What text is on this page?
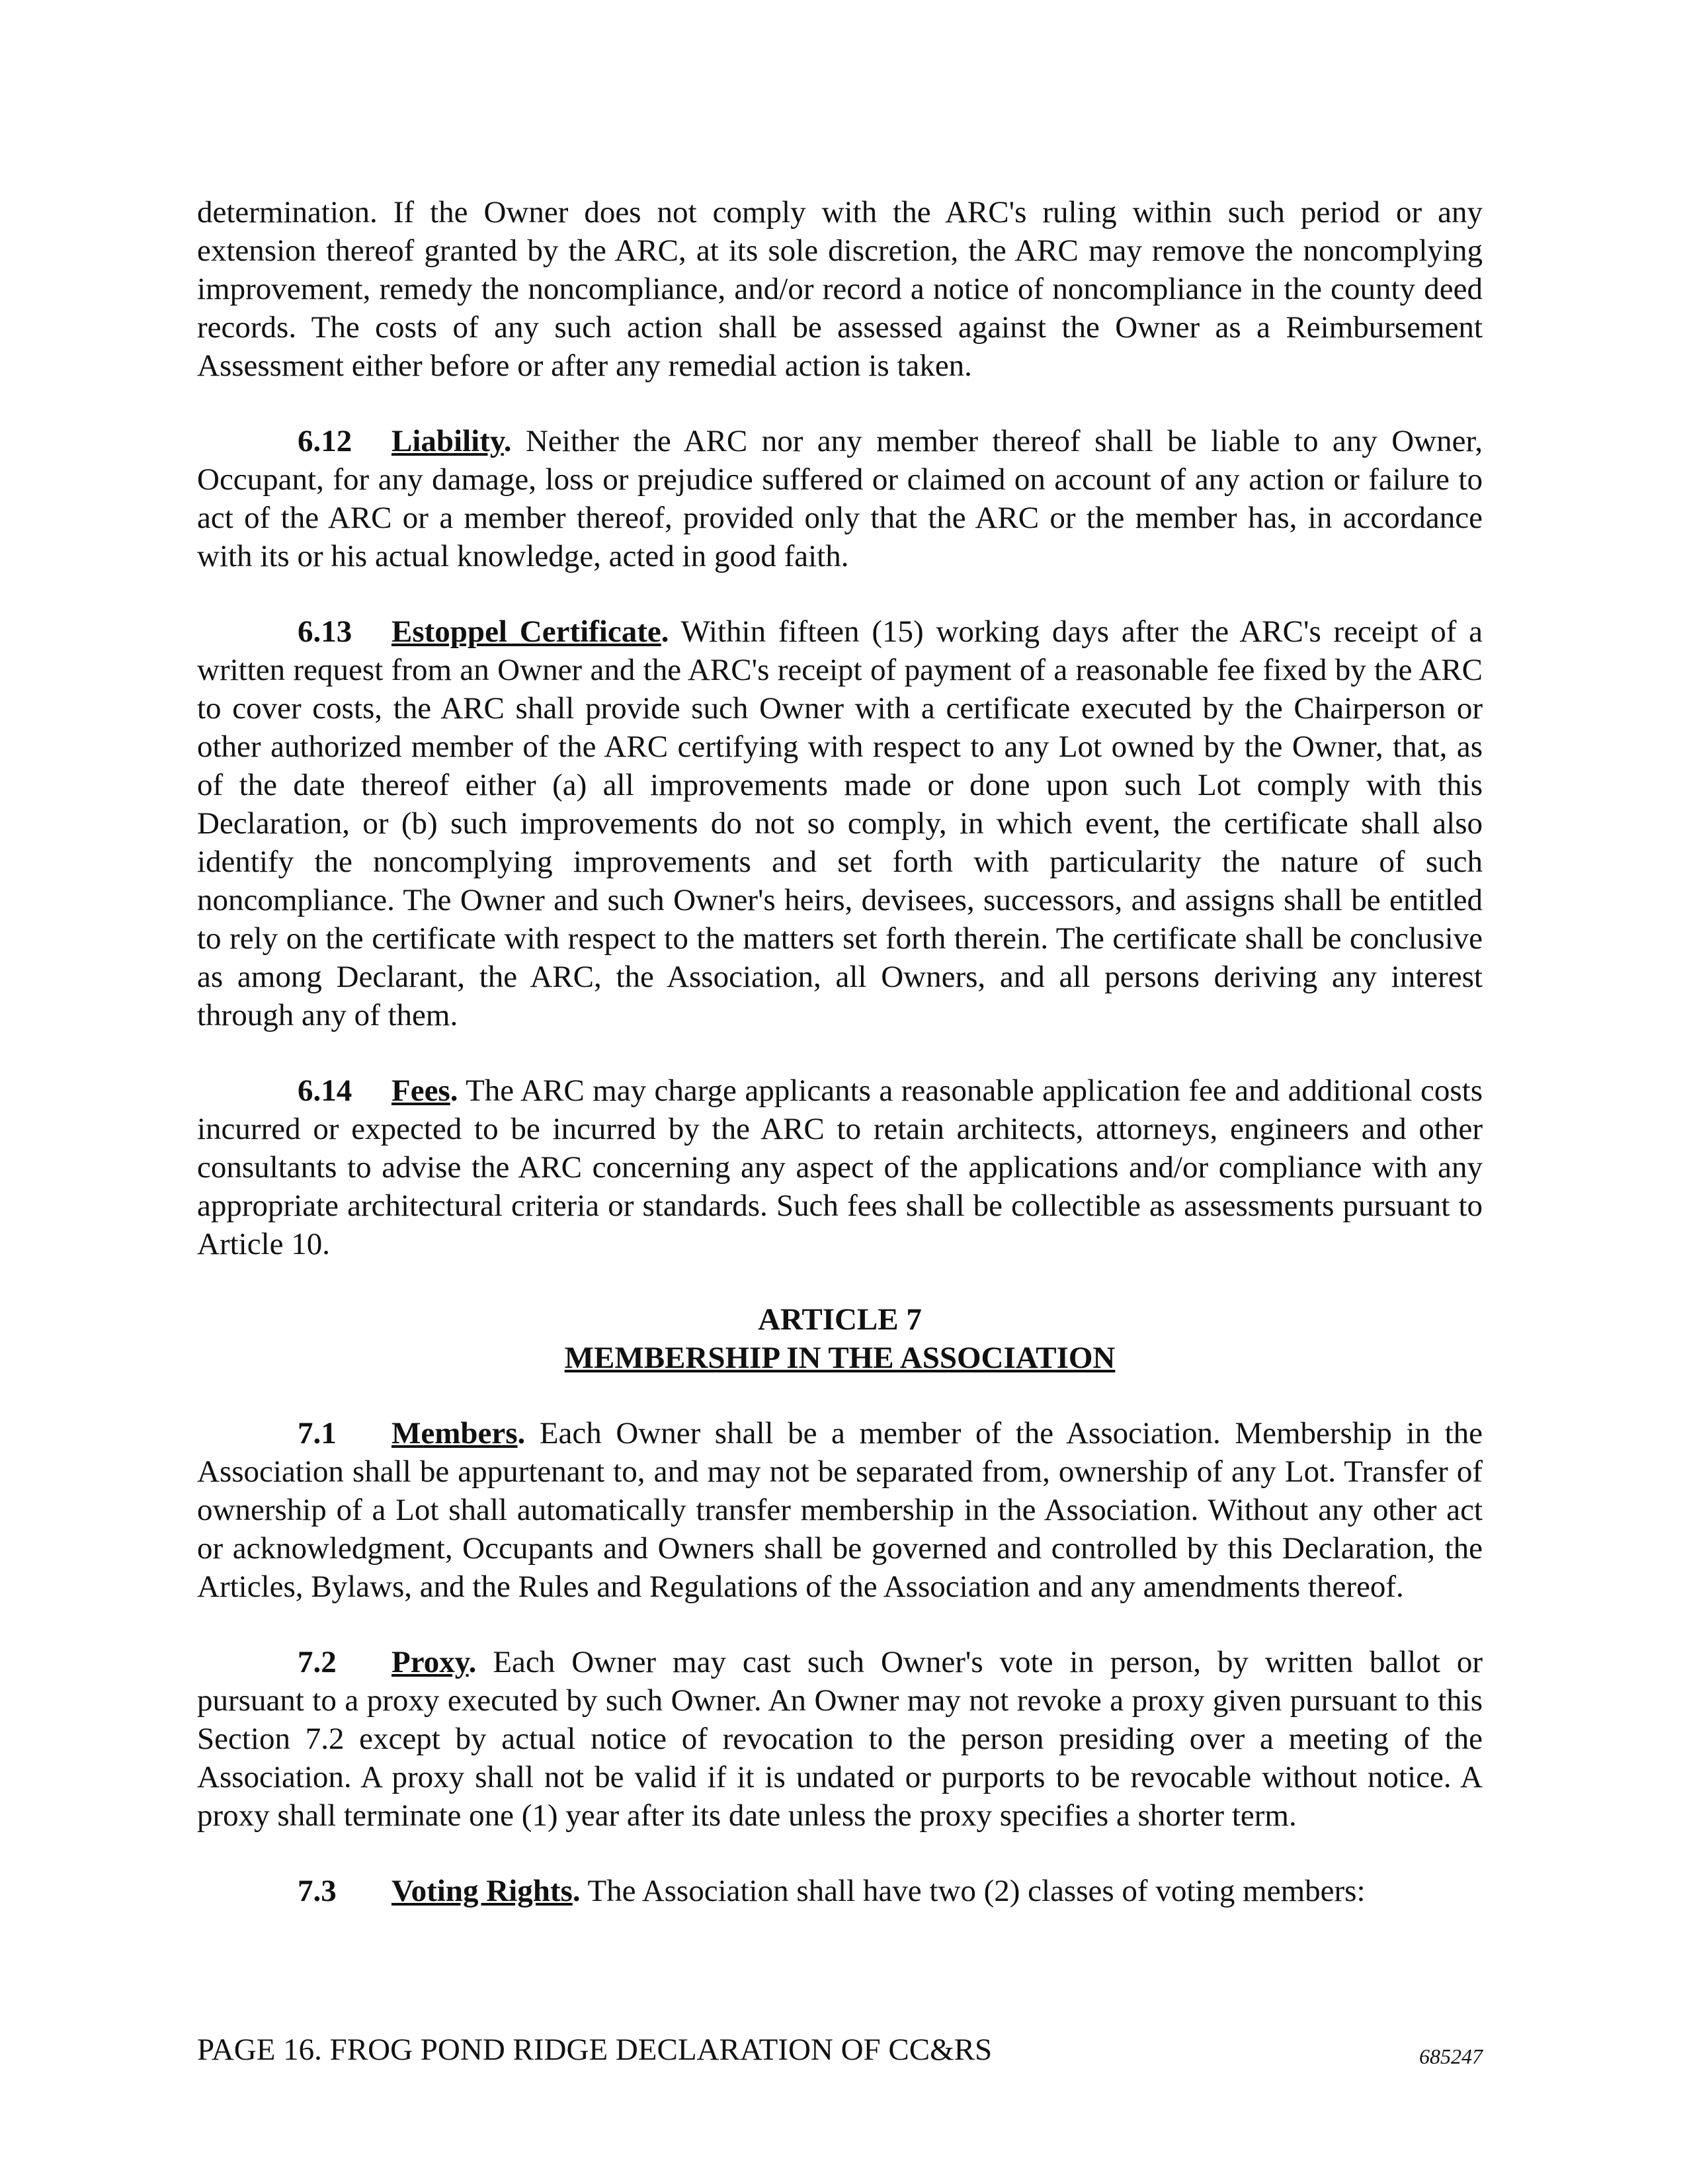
determination. If the Owner does not comply with the ARC's ruling within such period or any extension thereof granted by the ARC, at its sole discretion, the ARC may remove the noncomplying improvement, remedy the noncompliance, and/or record a notice of noncompliance in the county deed records. The costs of any such action shall be assessed against the Owner as a Reimbursement Assessment either before or after any remedial action is taken.

6.12 Liability. Neither the ARC nor any member thereof shall be liable to any Owner, Occupant, for any damage, loss or prejudice suffered or claimed on account of any action or failure to act of the ARC or a member thereof, provided only that the ARC or the member has, in accordance with its or his actual knowledge, acted in good faith.

6.13 Estoppel Certificate. Within fifteen (15) working days after the ARC's receipt of a written request from an Owner and the ARC's receipt of payment of a reasonable fee fixed by the ARC to cover costs, the ARC shall provide such Owner with a certificate executed by the Chairperson or other authorized member of the ARC certifying with respect to any Lot owned by the Owner, that, as of the date thereof either (a) all improvements made or done upon such Lot comply with this Declaration, or (b) such improvements do not so comply, in which event, the certificate shall also identify the noncomplying improvements and set forth with particularity the nature of such noncompliance. The Owner and such Owner's heirs, devisees, successors, and assigns shall be entitled to rely on the certificate with respect to the matters set forth therein. The certificate shall be conclusive as among Declarant, the ARC, the Association, all Owners, and all persons deriving any interest through any of them.

6.14 Fees. The ARC may charge applicants a reasonable application fee and additional costs incurred or expected to be incurred by the ARC to retain architects, attorneys, engineers and other consultants to advise the ARC concerning any aspect of the applications and/or compliance with any appropriate architectural criteria or standards. Such fees shall be collectible as assessments pursuant to Article 10.

ARTICLE 7
MEMBERSHIP IN THE ASSOCIATION

7.1 Members. Each Owner shall be a member of the Association. Membership in the Association shall be appurtenant to, and may not be separated from, ownership of any Lot. Transfer of ownership of a Lot shall automatically transfer membership in the Association. Without any other act or acknowledgment, Occupants and Owners shall be governed and controlled by this Declaration, the Articles, Bylaws, and the Rules and Regulations of the Association and any amendments thereof.

7.2 Proxy. Each Owner may cast such Owner's vote in person, by written ballot or pursuant to a proxy executed by such Owner. An Owner may not revoke a proxy given pursuant to this Section 7.2 except by actual notice of revocation to the person presiding over a meeting of the Association. A proxy shall not be valid if it is undated or purports to be revocable without notice. A proxy shall terminate one (1) year after its date unless the proxy specifies a shorter term.

7.3 Voting Rights. The Association shall have two (2) classes of voting members:

PAGE 16. FROG POND RIDGE DECLARATION OF CC&RS	685247
